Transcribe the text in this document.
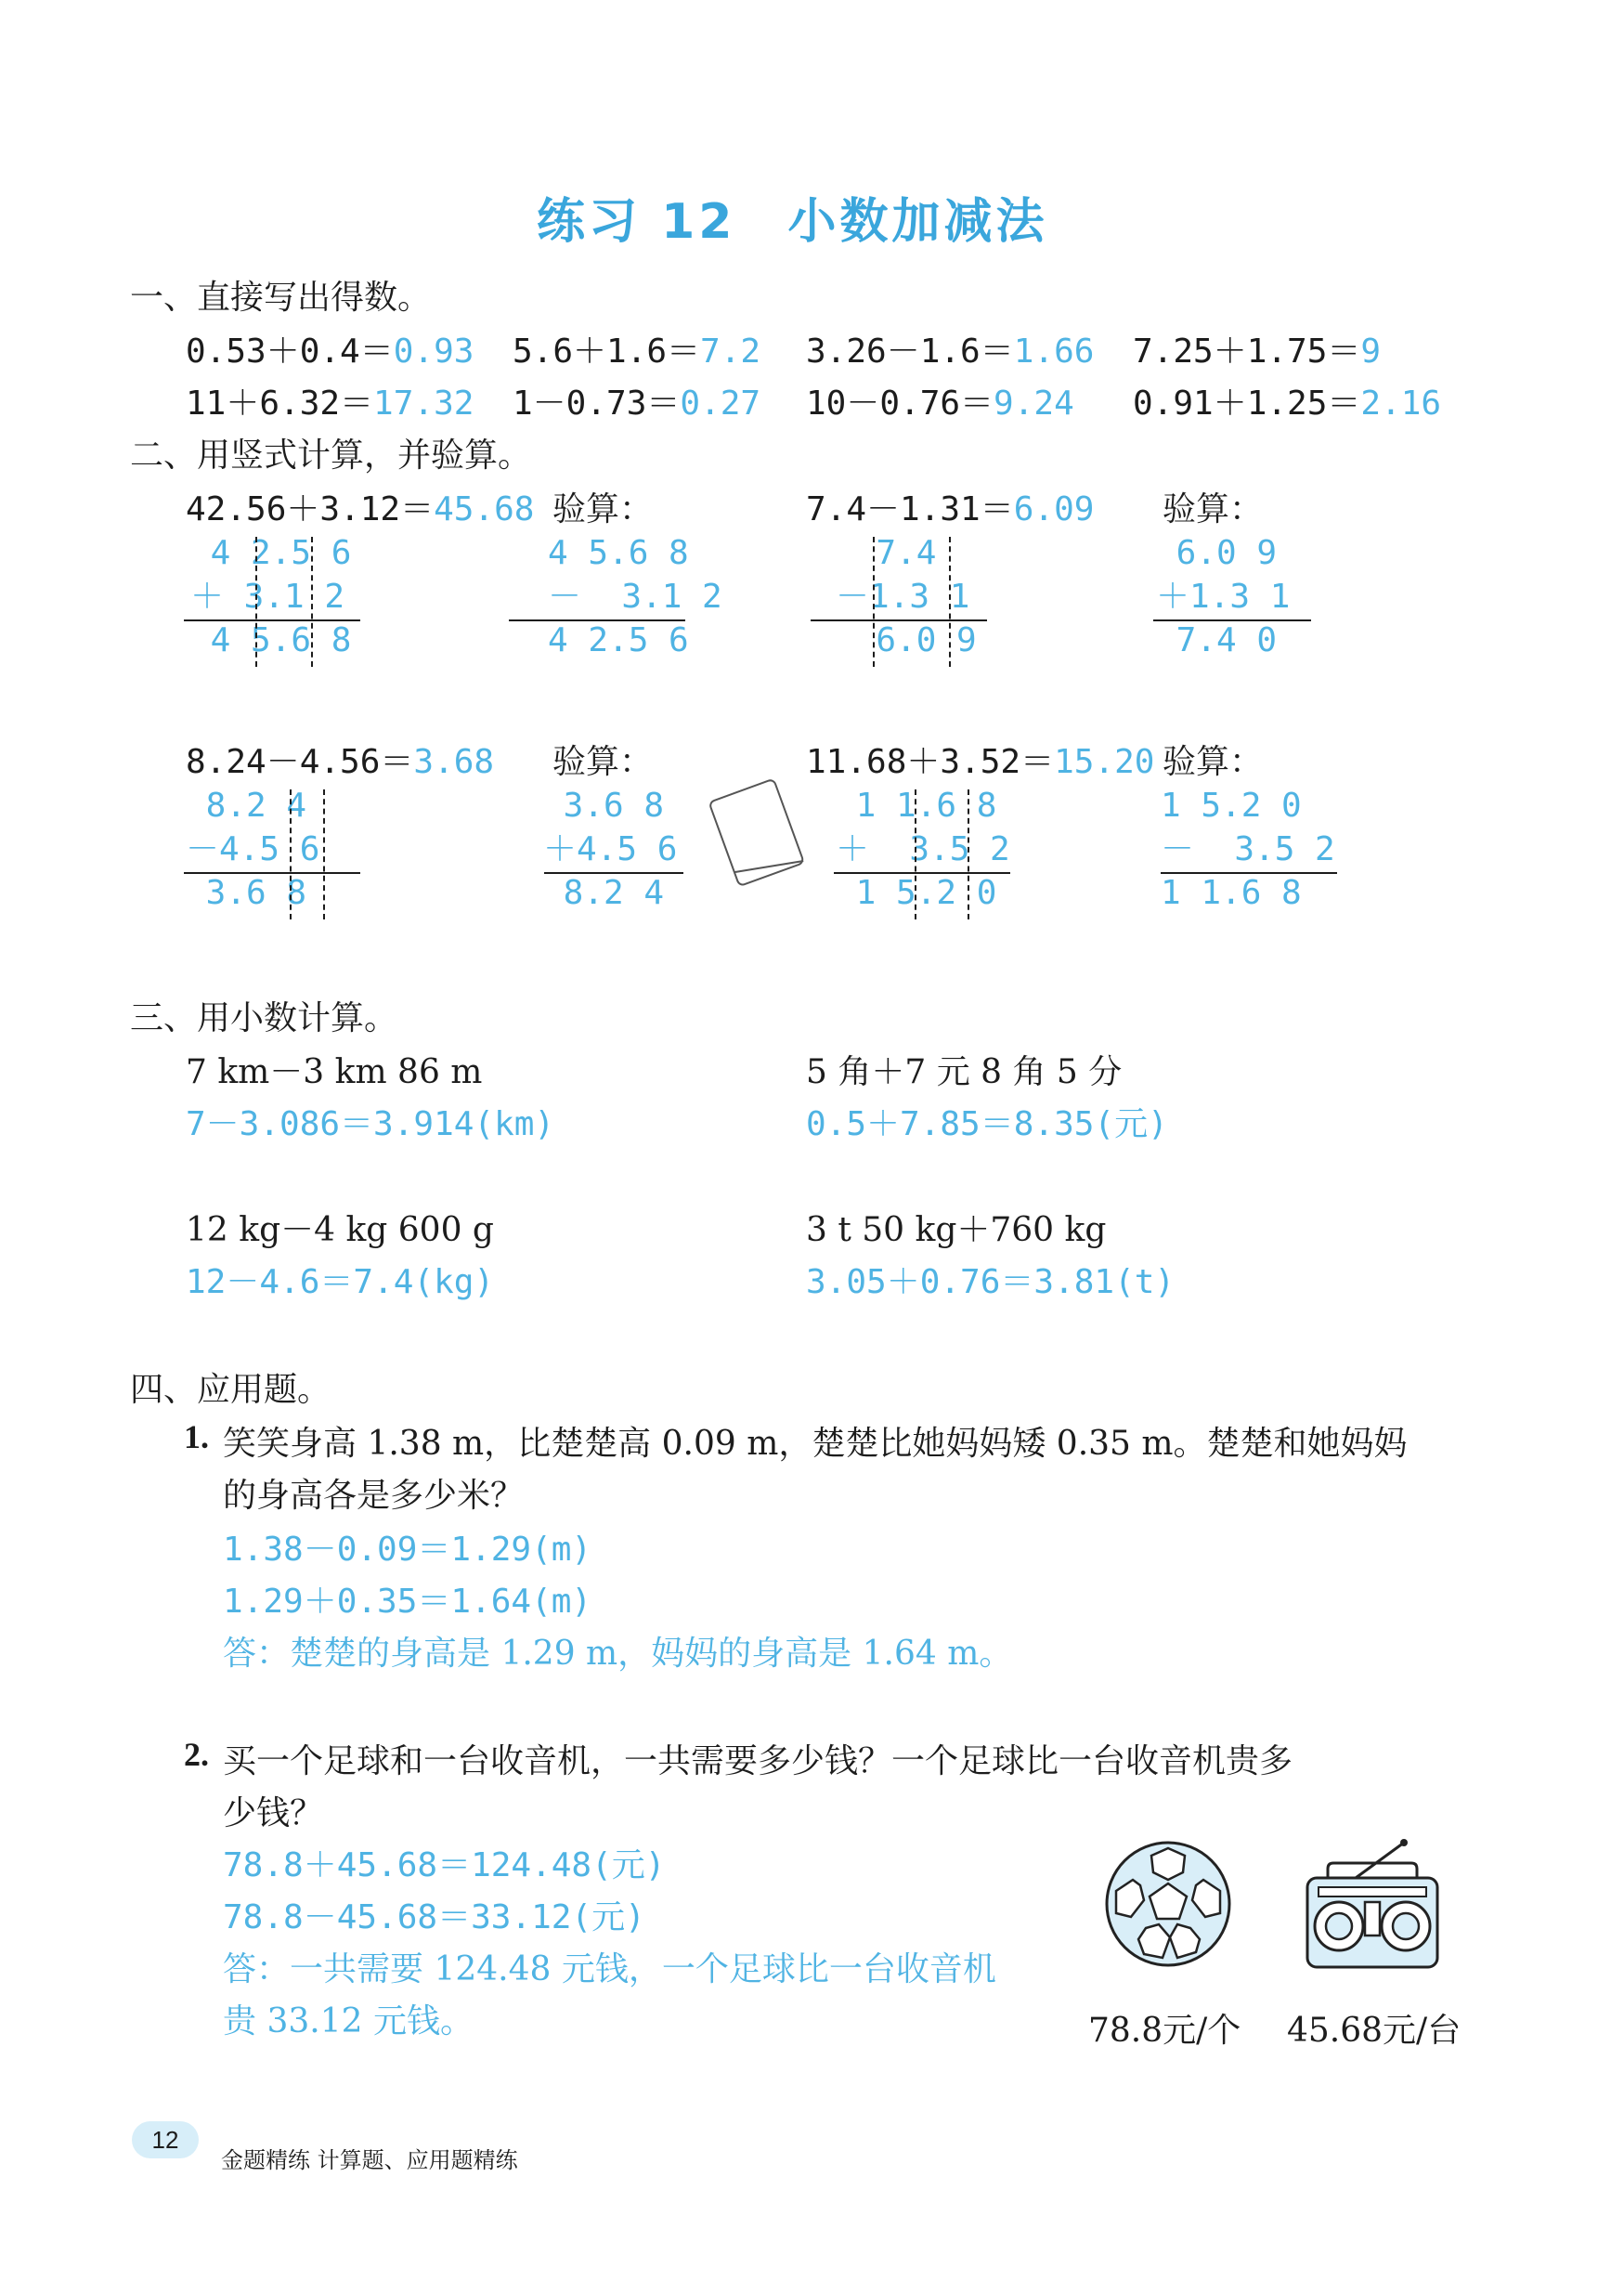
练习 12　小数加减法
一、直接写出得数。
0.53＋0.4＝0.93 5.6＋1.6＝7.2 3.26－1.6＝1.66 7.25＋1.75＝9
11＋6.32＝17.32 1－0.73＝0.27 10－0.76＝9.24 0.91＋1.25＝2.16
二、用竖式计算，并验算。
42.56＋3.12＝45.68 验算：
4 2.5 6
＋ 3.1 2
4 5.6 8
4 5.6 8
－  3.1 2
4 2.5 6
7.4－1.31＝6.09 验算：
7.4
－1.3 1
6.0 9
6.0 9
＋1.3 1
7.4 0
8.24－4.56＝3.68 验算：
8.2 4
－4.5 6
3.6 8
3.6 8
＋4.5 6
8.2 4
11.68＋3.52＝15.20 验算：
1 1.6 8
＋  3.5 2
1 5.2 0
1 5.2 0
－  3.5 2
1 1.6 8
三、用小数计算。
7 km－3 km 86 m
7－3.086＝3.914(km)
5 角＋7 元 8 角 5 分
0.5＋7.85＝8.35(元)
12 kg－4 kg 600 g
12－4.6＝7.4(kg)
3 t 50 kg＋760 kg
3.05＋0.76＝3.81(t)
四、应用题。
1. 笑笑身高 1.38 m，比楚楚高 0.09 m，楚楚比她妈妈矮 0.35 m。楚楚和她妈妈
的身高各是多少米？
1.38－0.09＝1.29(m)
1.29＋0.35＝1.64(m)
答：楚楚的身高是 1.29 m，妈妈的身高是 1.64 m。
2. 买一个足球和一台收音机，一共需要多少钱？一个足球比一台收音机贵多
少钱？
78.8＋45.68＝124.48(元)
78.8－45.68＝33.12(元)
答：一共需要 124.48 元钱，一个足球比一台收音机
贵 33.12 元钱。	78.8元/个 45.68元/台
12
金题精练 计算题、应用题精练
